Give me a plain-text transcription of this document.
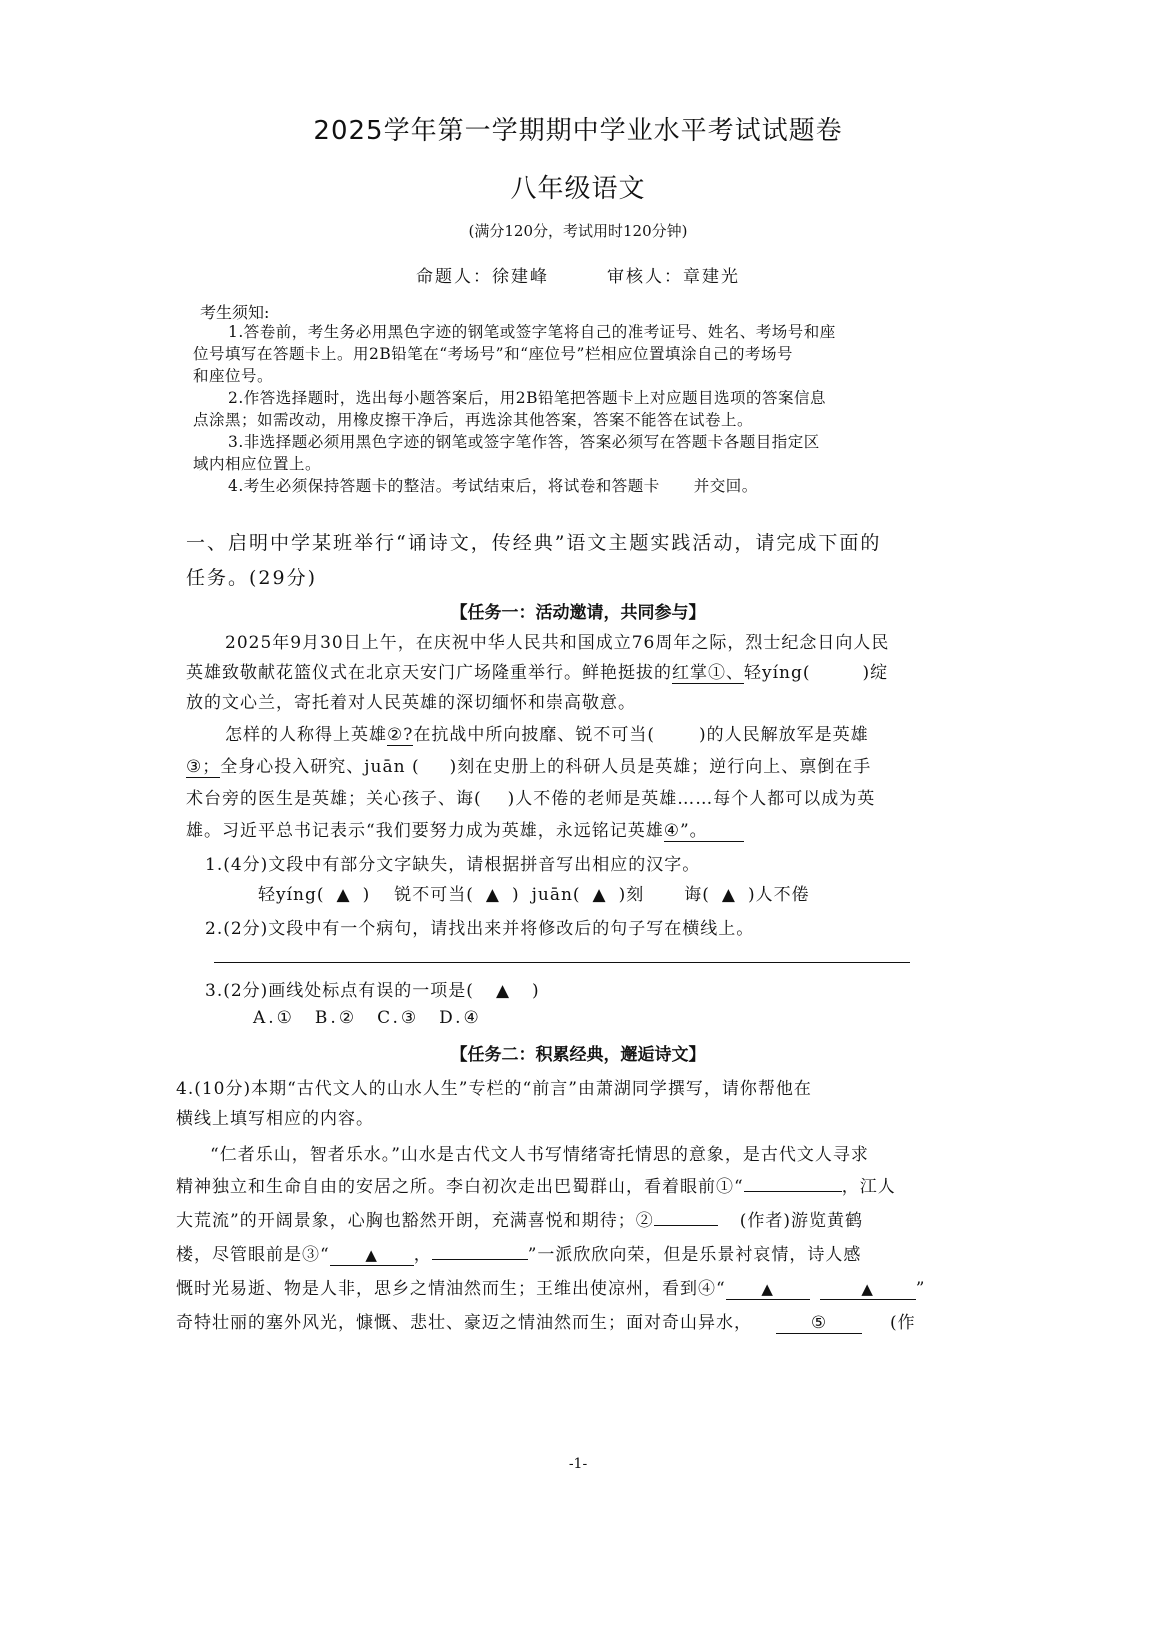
2025学年第一学期期中学业水平考试试题卷
八年级语文
(满分120分，考试用时120分钟)
命题人：徐建峰	审核人：章建光
考生须知:
1.答卷前，考生务必用黑色字迹的钢笔或签字笔将自己的准考证号、姓名、考场号和座
位号填写在答题卡上。用2B铅笔在“考场号”和“座位号”栏相应位置填涂自己的考场号
和座位号。
2.作答选择题时，选出每小题答案后，用2B铅笔把答题卡上对应题目选项的答案信息
点涂黑；如需改动，用橡皮擦干净后，再选涂其他答案，答案不能答在试卷上。
3.非选择题必须用黑色字迹的钢笔或签字笔作答，答案必须写在答题卡各题目指定区
域内相应位置上。
4.考生必须保持答题卡的整洁。考试结束后，将试卷和答题卡 并交回。
一、启明中学某班举行“诵诗文，传经典”语文主题实践活动，请完成下面的
任务。(29分)
【任务一：活动邀请，共同参与】
2025年9月30日上午，在庆祝中华人民共和国成立76周年之际，烈士纪念日向人民
英雄致敬献花篮仪式在北京天安门广场隆重举行。鲜艳挺拔的红掌①、轻yíng(	)绽
放的文心兰，寄托着对人民英雄的深切缅怀和崇高敬意。
怎样的人称得上英雄②?在抗战中所向披靡、锐不可当(	)的人民解放军是英雄
③；全身心投入研究、juān ( )刻在史册上的科研人员是英雄；逆行向上、禀倒在手
术台旁的医生是英雄；关心孩子、诲( )人不倦的老师是英雄……每个人都可以成为英
雄。习近平总书记表示“我们要努力成为英雄，永远铭记英雄④”。
1.(4分)文段中有部分文字缺失，请根据拼音写出相应的汉字。
轻yíng( ▲ ) 锐不可当( ▲ ) juān( ▲ )刻 诲( ▲ )人不倦
2.(2分)文段中有一个病句，请找出来并将修改后的句子写在横线上。
3.(2分)画线处标点有误的一项是( ▲ )
A.① B.② C.③ D.④
【任务二：积累经典，邂逅诗文】
4.(10分)本期“古代文人的山水人生”专栏的“前言”由萧湖同学撰写，请你帮他在
横线上填写相应的内容。
“仁者乐山，智者乐水。”山水是古代文人书写情绪寄托情思的意象，是古代文人寻求
精神独立和生命自由的安居之所。李白初次走出巴蜀群山，看着眼前①“	，江人
大荒流”的开阔景象，心胸也豁然开朗，充满喜悦和期待；②	(作者)游览黄鹤
楼，尽管眼前是③“ ▲ ，	”一派欣欣向荣，但是乐景衬哀情，诗人感
慨时光易逝、物是人非，思乡之情油然而生；王维出使凉州，看到④“ ▲	▲ ”
奇特壮丽的塞外风光，慷慨、悲壮、豪迈之情油然而生；面对奇山异水，	⑤	(作
-1-
